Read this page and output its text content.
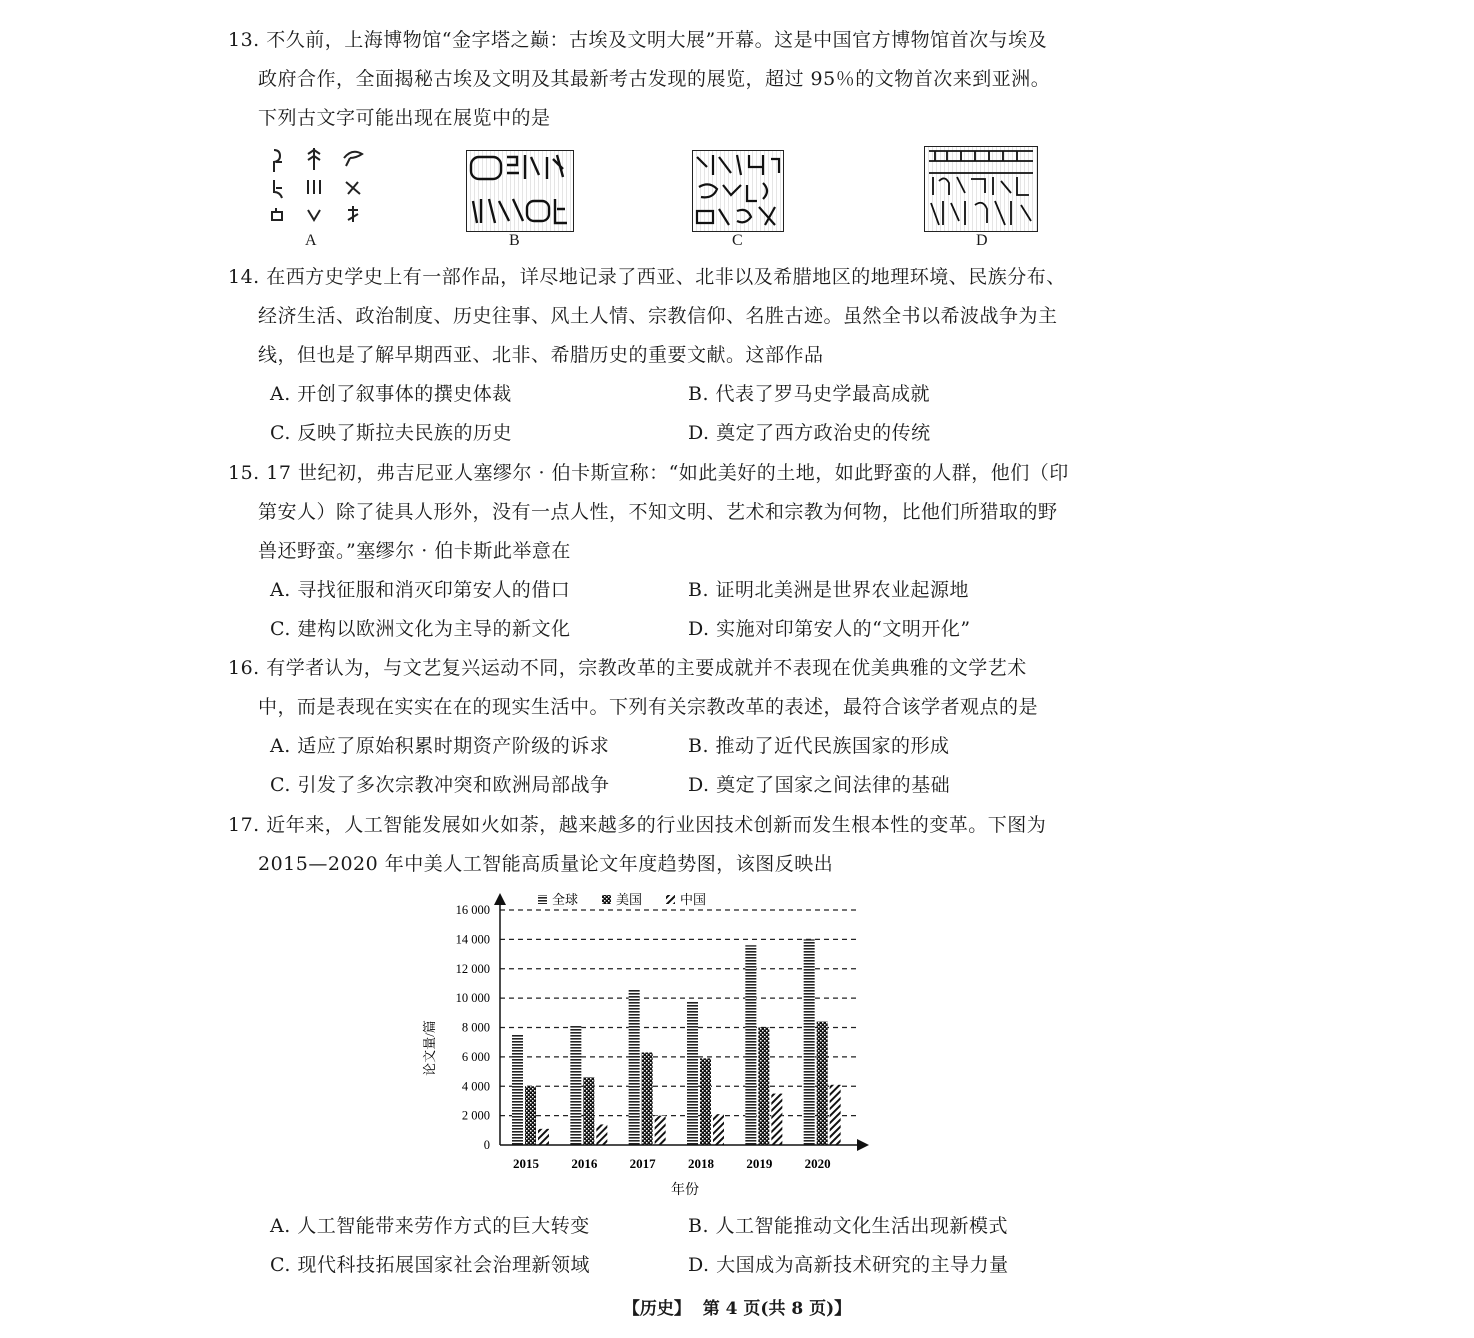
13. 不久前，上海博物馆“金字塔之巅：古埃及文明大展”开幕。这是中国官方博物馆首次与埃及
政府合作，全面揭秘古埃及文明及其最新考古发现的展览，超过 95％的文物首次来到亚洲。
下列古文字可能出现在展览中的是
A	B	C	D
14. 在西方史学史上有一部作品，详尽地记录了西亚、北非以及希腊地区的地理环境、民族分布、
经济生活、政治制度、历史往事、风土人情、宗教信仰、名胜古迹。虽然全书以希波战争为主
线，但也是了解早期西亚、北非、希腊历史的重要文献。这部作品
A. 开创了叙事体的撰史体裁	B. 代表了罗马史学最高成就
C. 反映了斯拉夫民族的历史	D. 奠定了西方政治史的传统
15. 17 世纪初，弗吉尼亚人塞缪尔 · 伯卡斯宣称：“如此美好的土地，如此野蛮的人群，他们（印
第安人）除了徒具人形外，没有一点人性，不知文明、艺术和宗教为何物，比他们所猎取的野
兽还野蛮。”塞缪尔 · 伯卡斯此举意在
A. 寻找征服和消灭印第安人的借口	B. 证明北美洲是世界农业起源地
C. 建构以欧洲文化为主导的新文化	D. 实施对印第安人的“文明开化”
16. 有学者认为，与文艺复兴运动不同，宗教改革的主要成就并不表现在优美典雅的文学艺术
中，而是表现在实实在在的现实生活中。下列有关宗教改革的表述，最符合该学者观点的是
A. 适应了原始积累时期资产阶级的诉求	B. 推动了近代民族国家的形成
C. 引发了多次宗教冲突和欧洲局部战争	D. 奠定了国家之间法律的基础
17. 近年来，人工智能发展如火如荼，越来越多的行业因技术创新而发生根本性的变革。下图为
2015—2020 年中美人工智能高质量论文年度趋势图，该图反映出
0
2 000
4 000
6 000
8 000
10 000
12 000
14 000
16 000
2015 2016 2017 2018 2019 2020
全球	美国	中国
论文量/篇
年份
A. 人工智能带来劳作方式的巨大转变	B. 人工智能推动文化生活出现新模式
C. 现代科技拓展国家社会治理新领域	D. 大国成为高新技术研究的主导力量
【历史】 第 4 页(共 8 页)】
